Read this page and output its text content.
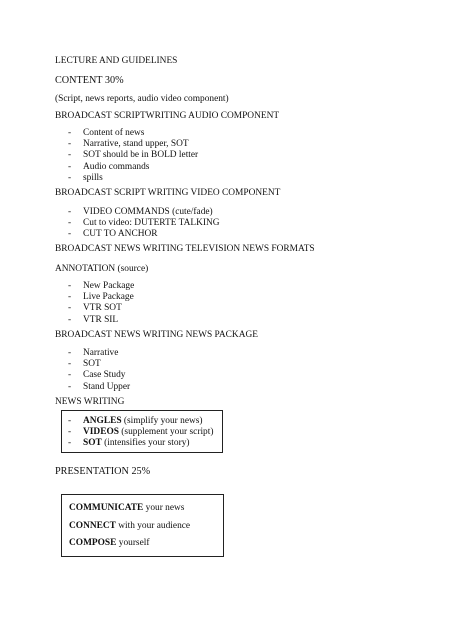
LECTURE AND GUIDELINES
CONTENT 30%
(Script, news reports, audio video component)
BROADCAST SCRIPTWRITING AUDIO COMPONENT
- Content of news
- Narrative, stand upper, SOT
- SOT should be in BOLD letter
- Audio commands
- spills
BROADCAST SCRIPT WRITING VIDEO COMPONENT
- VIDEO COMMANDS (cute/fade)
- Cut to video: DUTERTE TALKING
- CUT TO ANCHOR
BROADCAST NEWS WRITING TELEVISION NEWS FORMATS
ANNOTATION (source)
- New Package
- Live Package
- VTR SOT
- VTR SIL
BROADCAST NEWS WRITING NEWS PACKAGE
- Narrative
- SOT
- Case Study
- Stand Upper
NEWS WRITING
- ANGLES (simplify your news)
- VIDEOS (supplement your script)
- SOT (intensifies your story)
PRESENTATION 25%
COMMUNICATE your news
CONNECT with your audience
COMPOSE yourself
